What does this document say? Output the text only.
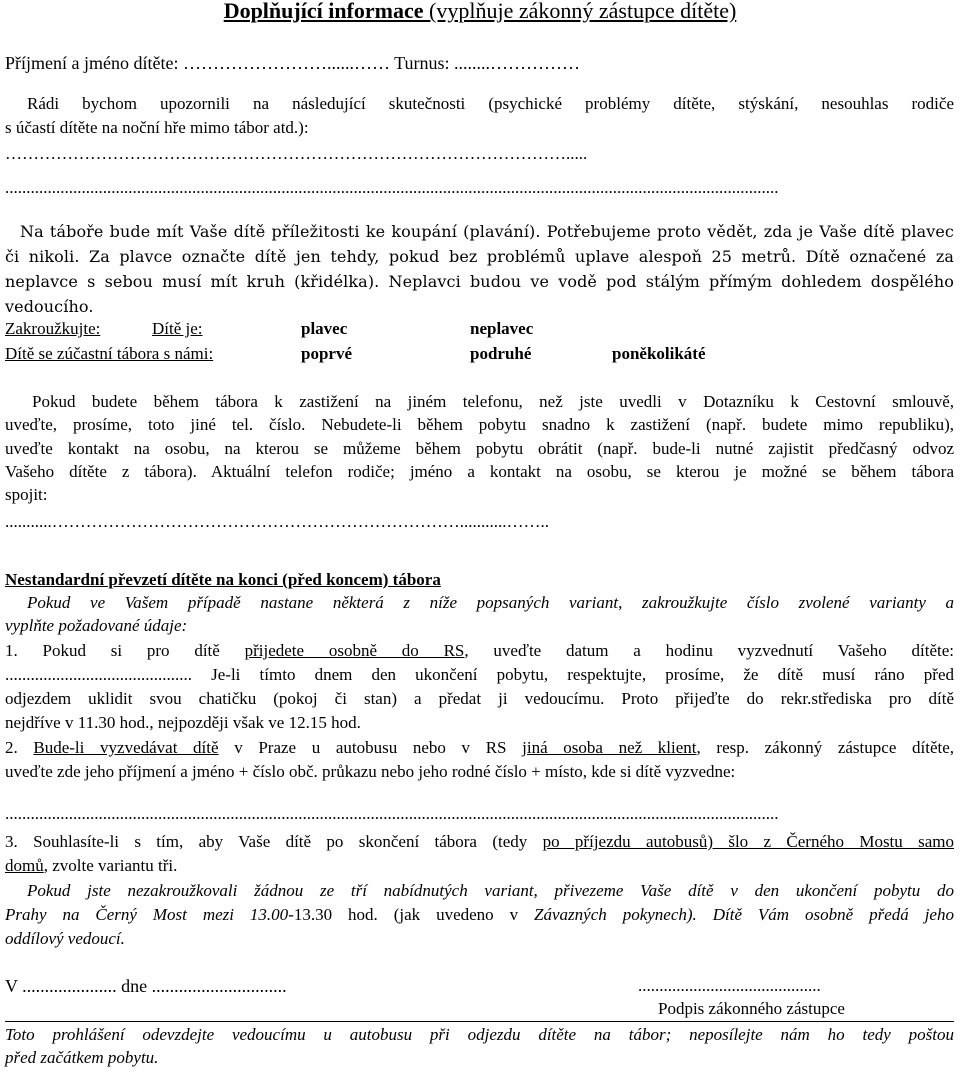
Doplňující informace (vyplňuje zákonný zástupce dítěte)
Příjmení a jméno dítěte: ……………………......…… Turnus: ........……………
Rádi bychom upozornili na následující skutečnosti (psychické problémy dítěte, stýskání, nesouhlas rodiče
s účastí dítěte na noční hře mimo tábor atd.):
……………………………………………………………………………………….....
......................................................................................................................................................................................
Na táboře bude mít Vaše dítě příležitosti ke koupání (plavání). Potřebujeme proto vědět, zda je Vaše dítě plavec
či nikoli. Za plavce označte dítě jen tehdy, pokud bez problémů uplave alespoň 25 metrů. Dítě označené za
neplavce s sebou musí mít kruh (křidélka). Neplavci budou ve vodě pod stálým přímým dohledem dospělého
vedoucího.
Zakroužkujte:	Dítě je:	plavec	neplavec
Dítě se zúčastní tábora s námi:	poprvé	podruhé	poněkolikáté
Pokud budete během tábora k zastižení na jiném telefonu, než jste uvedli v Dotazníku k Cestovní smlouvě,
uveďte, prosíme, toto jiné tel. číslo. Nebudete-li během pobytu snadno k zastižení (např. budete mimo republiku),
uveďte kontakt na osobu, na kterou se můžeme během pobytu obrátit (např. bude-li nutné zajistit předčasný odvoz
Vašeho dítěte z tábora). Aktuální telefon rodiče; jméno a kontakt na osobu, se kterou je možné se během tábora
spojit:
...........………………………………………………………………...........……..
Nestandardní převzetí dítěte na konci (před koncem) tábora
Pokud ve Vašem případě nastane některá z níže popsaných variant, zakroužkujte číslo zvolené varianty a
vyplňte požadované údaje:
1. Pokud si pro dítě přijedete osobně do RS, uveďte datum a hodinu vyzvednutí Vašeho dítěte:
............................................ Je-li tímto dnem den ukončení pobytu, respektujte, prosíme, že dítě musí ráno před
odjezdem uklidit svou chatičku (pokoj či stan) a předat ji vedoucímu. Proto přijeďte do rekr.střediska pro dítě
nejdříve v 11.30 hod., nejpozději však ve 12.15 hod.
2. Bude-li vyzvedávat dítě v Praze u autobusu nebo v RS jiná osoba než klient, resp. zákonný zástupce dítěte,
uveďte zde jeho příjmení a jméno + číslo obč. průkazu nebo jeho rodné číslo + místo, kde si dítě vyzvedne:
......................................................................................................................................................................................
3. Souhlasíte-li s tím, aby Vaše dítě po skončení tábora (tedy po příjezdu autobusů) šlo z Černého Mostu samo
domů, zvolte variantu tři.
Pokud jste nezakroužkovali žádnou ze tří nabídnutých variant, přivezeme Vaše dítě v den ukončení pobytu do
Prahy na Černý Most mezi 13.00-13.30 hod. (jak uvedeno v Závazných pokynech). Dítě Vám osobně předá jeho
oddílový vedoucí.
V ..................... dne ..............................	...........................................
Podpis zákonného zástupce
Toto prohlášení odevzdejte vedoucímu u autobusu při odjezdu dítěte na tábor; neposílejte nám ho tedy poštou
před začátkem pobytu.
